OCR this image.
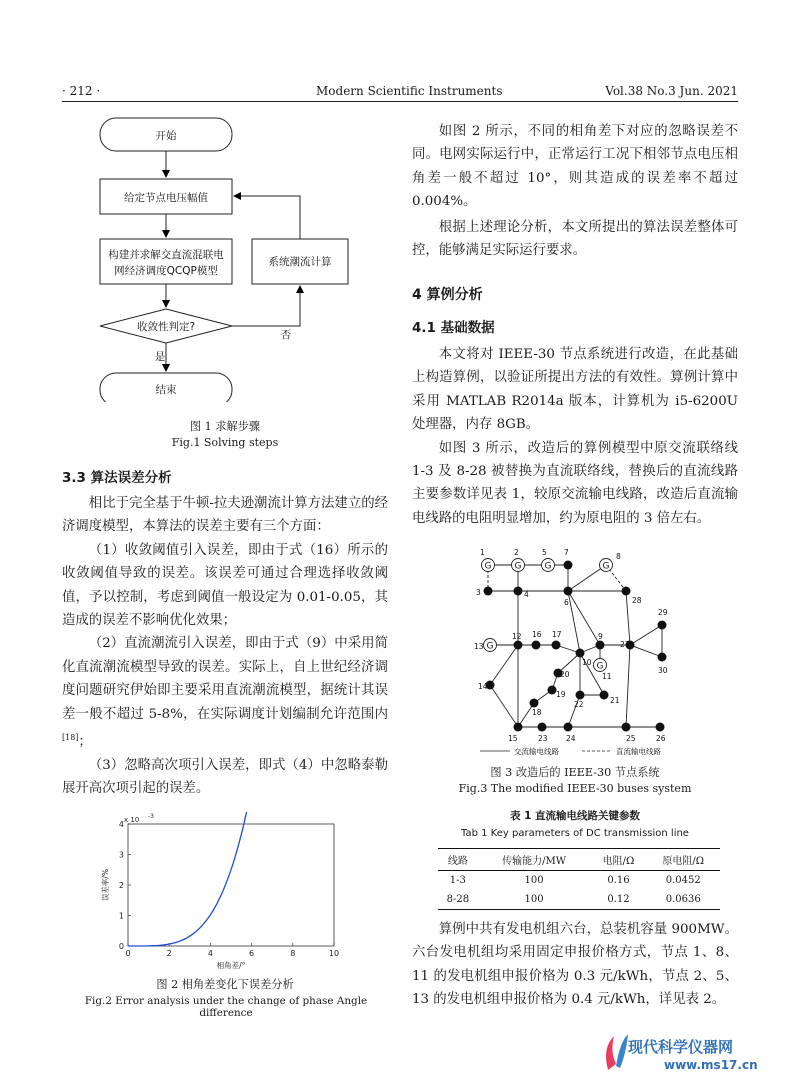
· 212 ·	Modern Scientific Instruments	Vol.38 No.3 Jun. 2021
开始
给定节点电压幅值
构建并求解交直流混联电
网经济调度QCQP模型
收敛性判定?
结束
系统潮流计算
是
否
图 1 求解步骤
Fig.1 Solving steps
3.3 算法误差分析

相比于完全基于牛顿-拉夫逊潮流计算方法建立的经济调度模型，本算法的误差主要有三个方面：

（1）收敛阈值引入误差，即由于式（16）所示的收敛阈值导致的误差。该误差可通过合理选择收敛阈值，予以控制，考虑到阈值一般设定为 0.01-0.05，其造成的误差不影响优化效果；

（2）直流潮流引入误差，即由于式（9）中采用简化直流潮流模型导致的误差。实际上，自上世纪经济调度问题研究伊始即主要采用直流潮流模型，据统计其误差一般不超过 5-8%，在实际调度计划编制允许范围内[18]；

（3）忽略高次项引入误差，即式（4）中忽略泰勒展开高次项引起的误差。

0	2	4	6	8	10
0
1
2
3
4 x 10 -3
相角差/°
误差率/%
图 2 相角差变化下误差分析
Fig.2 Error analysis under the change of phase Angle difference

如图 2 所示，不同的相角差下对应的忽略误差不同。电网实际运行中，正常运行工况下相邻节点电压相角差一般不超过 10°，则其造成的误差率不超过 0.004%。

根据上述理论分析，本文所提出的算法误差整体可控，能够满足实际运行要求。

4 算例分析
4.1 基础数据

本文将对 IEEE-30 节点系统进行改造，在此基础上构造算例，以验证所提出方法的有效性。算例计算中采用 MATLAB R2014a 版本，计算机为 i5-6200U 处理器，内存 8GB。

如图 3 所示，改造后的算例模型中原交流联络线 1-3 及 8-28 被替换为直流联络线，替换后的直流线路主要参数详见表 1，较原交流输电线路，改造后直流输电线路的电阻明显增加，约为原电阻的 3 倍左右。

G	G	G	G
G
G
1	2	5 7	8
3	4
6	28
29
27
30
13
12 16 17	9
10
11
20
14
19
18
22	21
15	23 24	25	26
交流输电线路	直流输电线路
图 3 改造后的 IEEE-30 节点系统
Fig.3 The modified IEEE-30 buses system
表 1 直流输电线路关键参数
Tab 1 Key parameters of DC transmission line
线路	传输能力/MW	电阻/Ω	原电阻/Ω
1-3	100	0.16	0.0452
8-28	100	0.12	0.0636

算例中共有发电机组六台，总装机容量 900MW。六台发电机组均采用固定申报价格方式，节点 1、8、11 的发电机组申报价格为 0.3 元/kWh，节点 2、5、13 的发电机组申报价格为 0.4 元/kWh，详见表 2。

现代科学仪器网
www.ms17.cn
